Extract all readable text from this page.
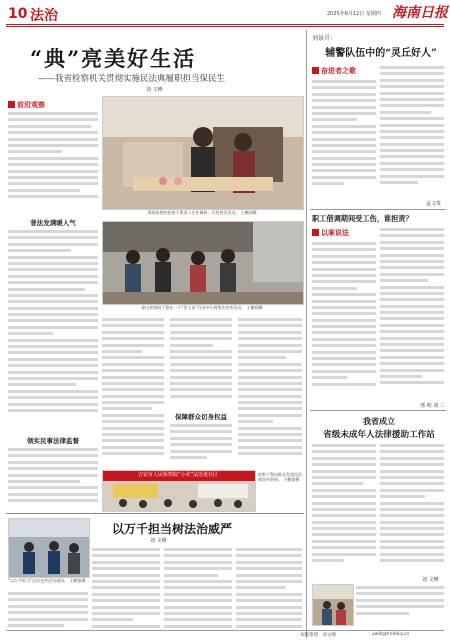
10 法治	2025年6月12日 星期四 海南日报
“典”亮美好生活
——我省检察机关贯彻实施民法典履职担当保民生
刘 文峰
前沿观察
普法发满暖人气
领实民事法律监督
琼海检察院检察干警深入企业调研，开展普法活动。 王鹏翔摄
琼山检察院干警在一个“零上访”行动中开展普法宣传活动。 王鹏翔摄
保障群众切身权益
吉安市人民检察院“小美”法治进社区	检察干警向群众发放民法典宣传资料。 王鹏翔摄
以万千担当树法治威严
刘 文峰
“以万千担当”法治宣传活动现场。 王鹏翔摄
刘景升：
辅警队伍中的“灵丘好人”
奋进者之歌
孟文贵
职工借调期间受工伤，谁担责？
以案说法
邢 明 刘 三
我省成立
省级未成年人法律援助工作站
刘 文峰
本版策划：刘文峰	xwfz@hndaily.cn
